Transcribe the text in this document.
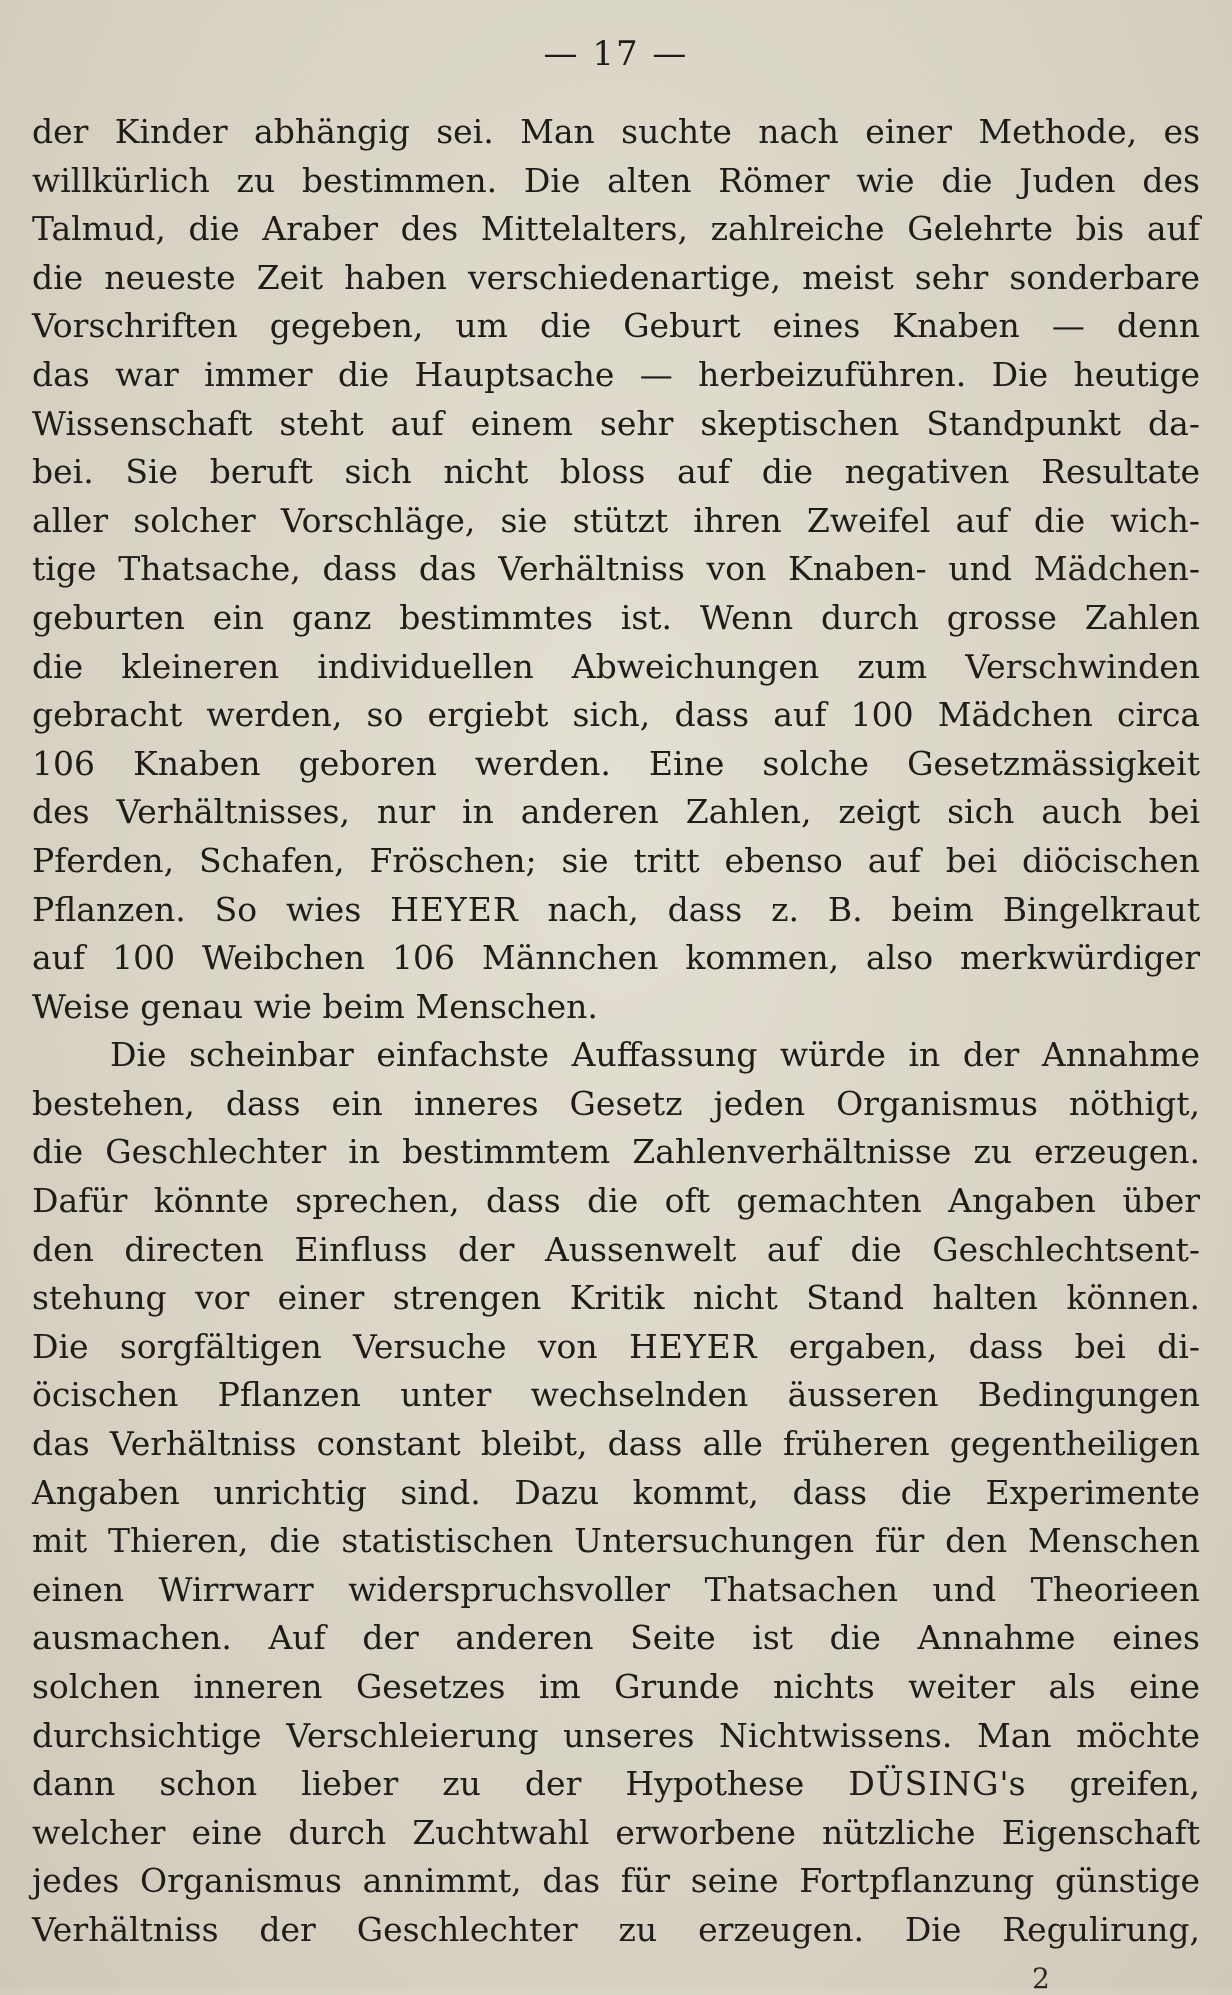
— 17 —
der Kinder abhängig sei. Man suchte nach einer Methode, es
willkürlich zu bestimmen. Die alten Römer wie die Juden des
Talmud, die Araber des Mittelalters, zahlreiche Gelehrte bis auf
die neueste Zeit haben verschiedenartige, meist sehr sonderbare
Vorschriften gegeben, um die Geburt eines Knaben — denn
das war immer die Hauptsache — herbeizuführen. Die heutige
Wissenschaft steht auf einem sehr skeptischen Standpunkt da-
bei. Sie beruft sich nicht bloss auf die negativen Resultate
aller solcher Vorschläge, sie stützt ihren Zweifel auf die wich-
tige Thatsache, dass das Verhältniss von Knaben- und Mädchen-
geburten ein ganz bestimmtes ist. Wenn durch grosse Zahlen
die kleineren individuellen Abweichungen zum Verschwinden
gebracht werden, so ergiebt sich, dass auf 100 Mädchen circa
106 Knaben geboren werden. Eine solche Gesetzmässigkeit
des Verhältnisses, nur in anderen Zahlen, zeigt sich auch bei
Pferden, Schafen, Fröschen; sie tritt ebenso auf bei diöcischen
Pflanzen. So wies HEYER nach, dass z. B. beim Bingelkraut
auf 100 Weibchen 106 Männchen kommen, also merkwürdiger
Weise genau wie beim Menschen.
Die scheinbar einfachste Auffassung würde in der Annahme
bestehen, dass ein inneres Gesetz jeden Organismus nöthigt,
die Geschlechter in bestimmtem Zahlenverhältnisse zu erzeugen.
Dafür könnte sprechen, dass die oft gemachten Angaben über
den directen Einfluss der Aussenwelt auf die Geschlechtsent-
stehung vor einer strengen Kritik nicht Stand halten können.
Die sorgfältigen Versuche von HEYER ergaben, dass bei di-
öcischen Pflanzen unter wechselnden äusseren Bedingungen
das Verhältniss constant bleibt, dass alle früheren gegentheiligen
Angaben unrichtig sind. Dazu kommt, dass die Experimente
mit Thieren, die statistischen Untersuchungen für den Menschen
einen Wirrwarr widerspruchsvoller Thatsachen und Theorieen
ausmachen. Auf der anderen Seite ist die Annahme eines
solchen inneren Gesetzes im Grunde nichts weiter als eine
durchsichtige Verschleierung unseres Nichtwissens. Man möchte
dann schon lieber zu der Hypothese DÜSING's greifen,
welcher eine durch Zuchtwahl erworbene nützliche Eigenschaft
jedes Organismus annimmt, das für seine Fortpflanzung günstige
Verhältniss der Geschlechter zu erzeugen. Die Regulirung,
2
